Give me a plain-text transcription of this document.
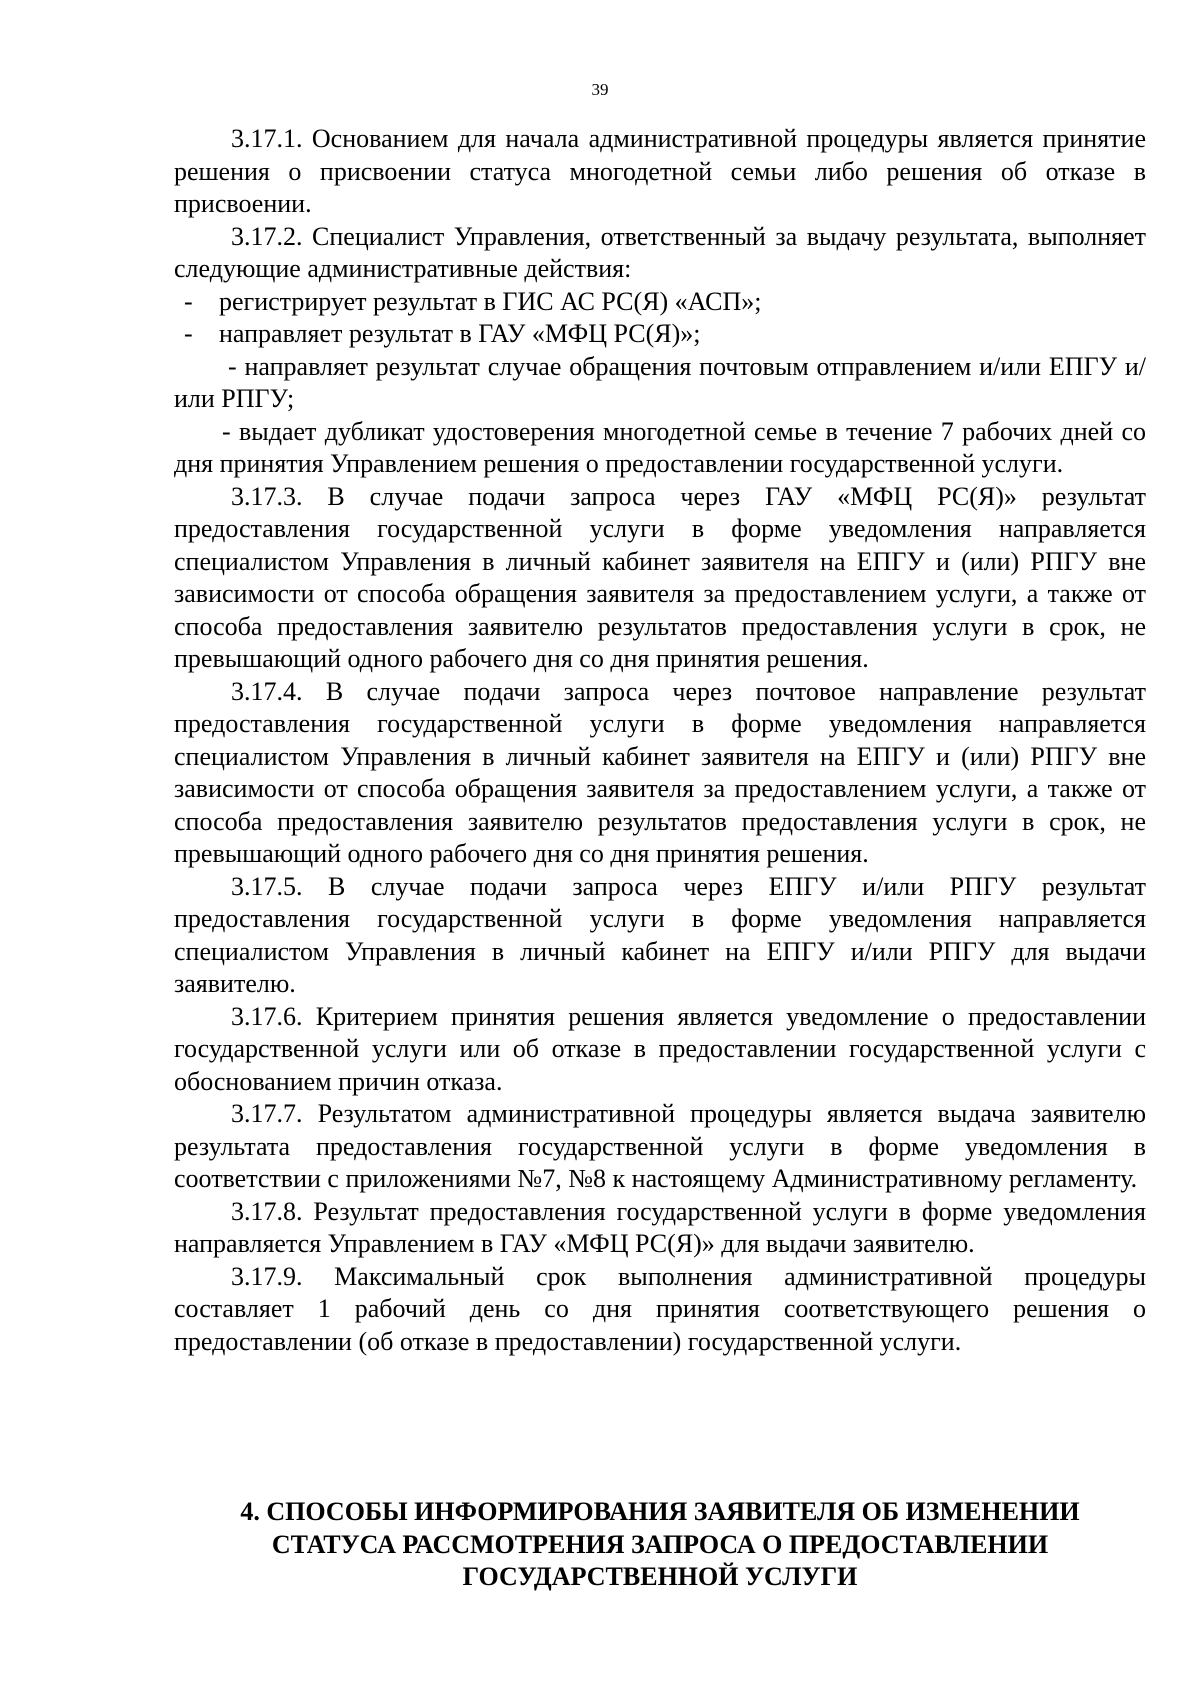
39

3.17.1. Основанием для начала административной процедуры является принятие решения о присвоении статуса многодетной семьи либо решения об отказе в присвоении.

3.17.2. Специалист Управления, ответственный за выдачу результата, выполняет следующие административные действия:

- регистрирует результат в ГИС АС РС(Я) «АСП»;

- направляет результат в ГАУ «МФЦ РС(Я)»;

- направляет результат случае обращения почтовым отправлением и/или ЕПГУ и/или РПГУ;

- выдает дубликат удостоверения многодетной семье в течение 7 рабочих дней со дня принятия Управлением решения о предоставлении государственной услуги.

3.17.3. В случае подачи запроса через ГАУ «МФЦ РС(Я)» результат предоставления государственной услуги в форме уведомления направляется специалистом Управления в личный кабинет заявителя на ЕПГУ и (или) РПГУ вне зависимости от способа обращения заявителя за предоставлением услуги, а также от способа предоставления заявителю результатов предоставления услуги в срок, не превышающий одного рабочего дня со дня принятия решения.

3.17.4. В случае подачи запроса через почтовое направление результат предоставления государственной услуги в форме уведомления направляется специалистом Управления в личный кабинет заявителя на ЕПГУ и (или) РПГУ вне зависимости от способа обращения заявителя за предоставлением услуги, а также от способа предоставления заявителю результатов предоставления услуги в срок, не превышающий одного рабочего дня со дня принятия решения.

3.17.5. В случае подачи запроса через ЕПГУ и/или РПГУ результат предоставления государственной услуги в форме уведомления направляется специалистом Управления в личный кабинет на ЕПГУ и/или РПГУ для выдачи заявителю.

3.17.6. Критерием принятия решения является уведомление о предоставлении государственной услуги или об отказе в предоставлении государственной услуги с обоснованием причин отказа.

3.17.7. Результатом административной процедуры является выдача заявителю результата предоставления государственной услуги в форме уведомления в соответствии с приложениями №7, №8 к настоящему Административному регламенту.

3.17.8. Результат предоставления государственной услуги в форме уведомления направляется Управлением в ГАУ «МФЦ РС(Я)» для выдачи заявителю.

3.17.9. Максимальный срок выполнения административной процедуры составляет 1 рабочий день со дня принятия соответствующего решения о предоставлении (об отказе в предоставлении) государственной услуги.

4. СПОСОБЫ ИНФОРМИРОВАНИЯ ЗАЯВИТЕЛЯ ОБ ИЗМЕНЕНИИ
СТАТУСА РАССМОТРЕНИЯ ЗАПРОСА О ПРЕДОСТАВЛЕНИИ
ГОСУДАРСТВЕННОЙ УСЛУГИ
